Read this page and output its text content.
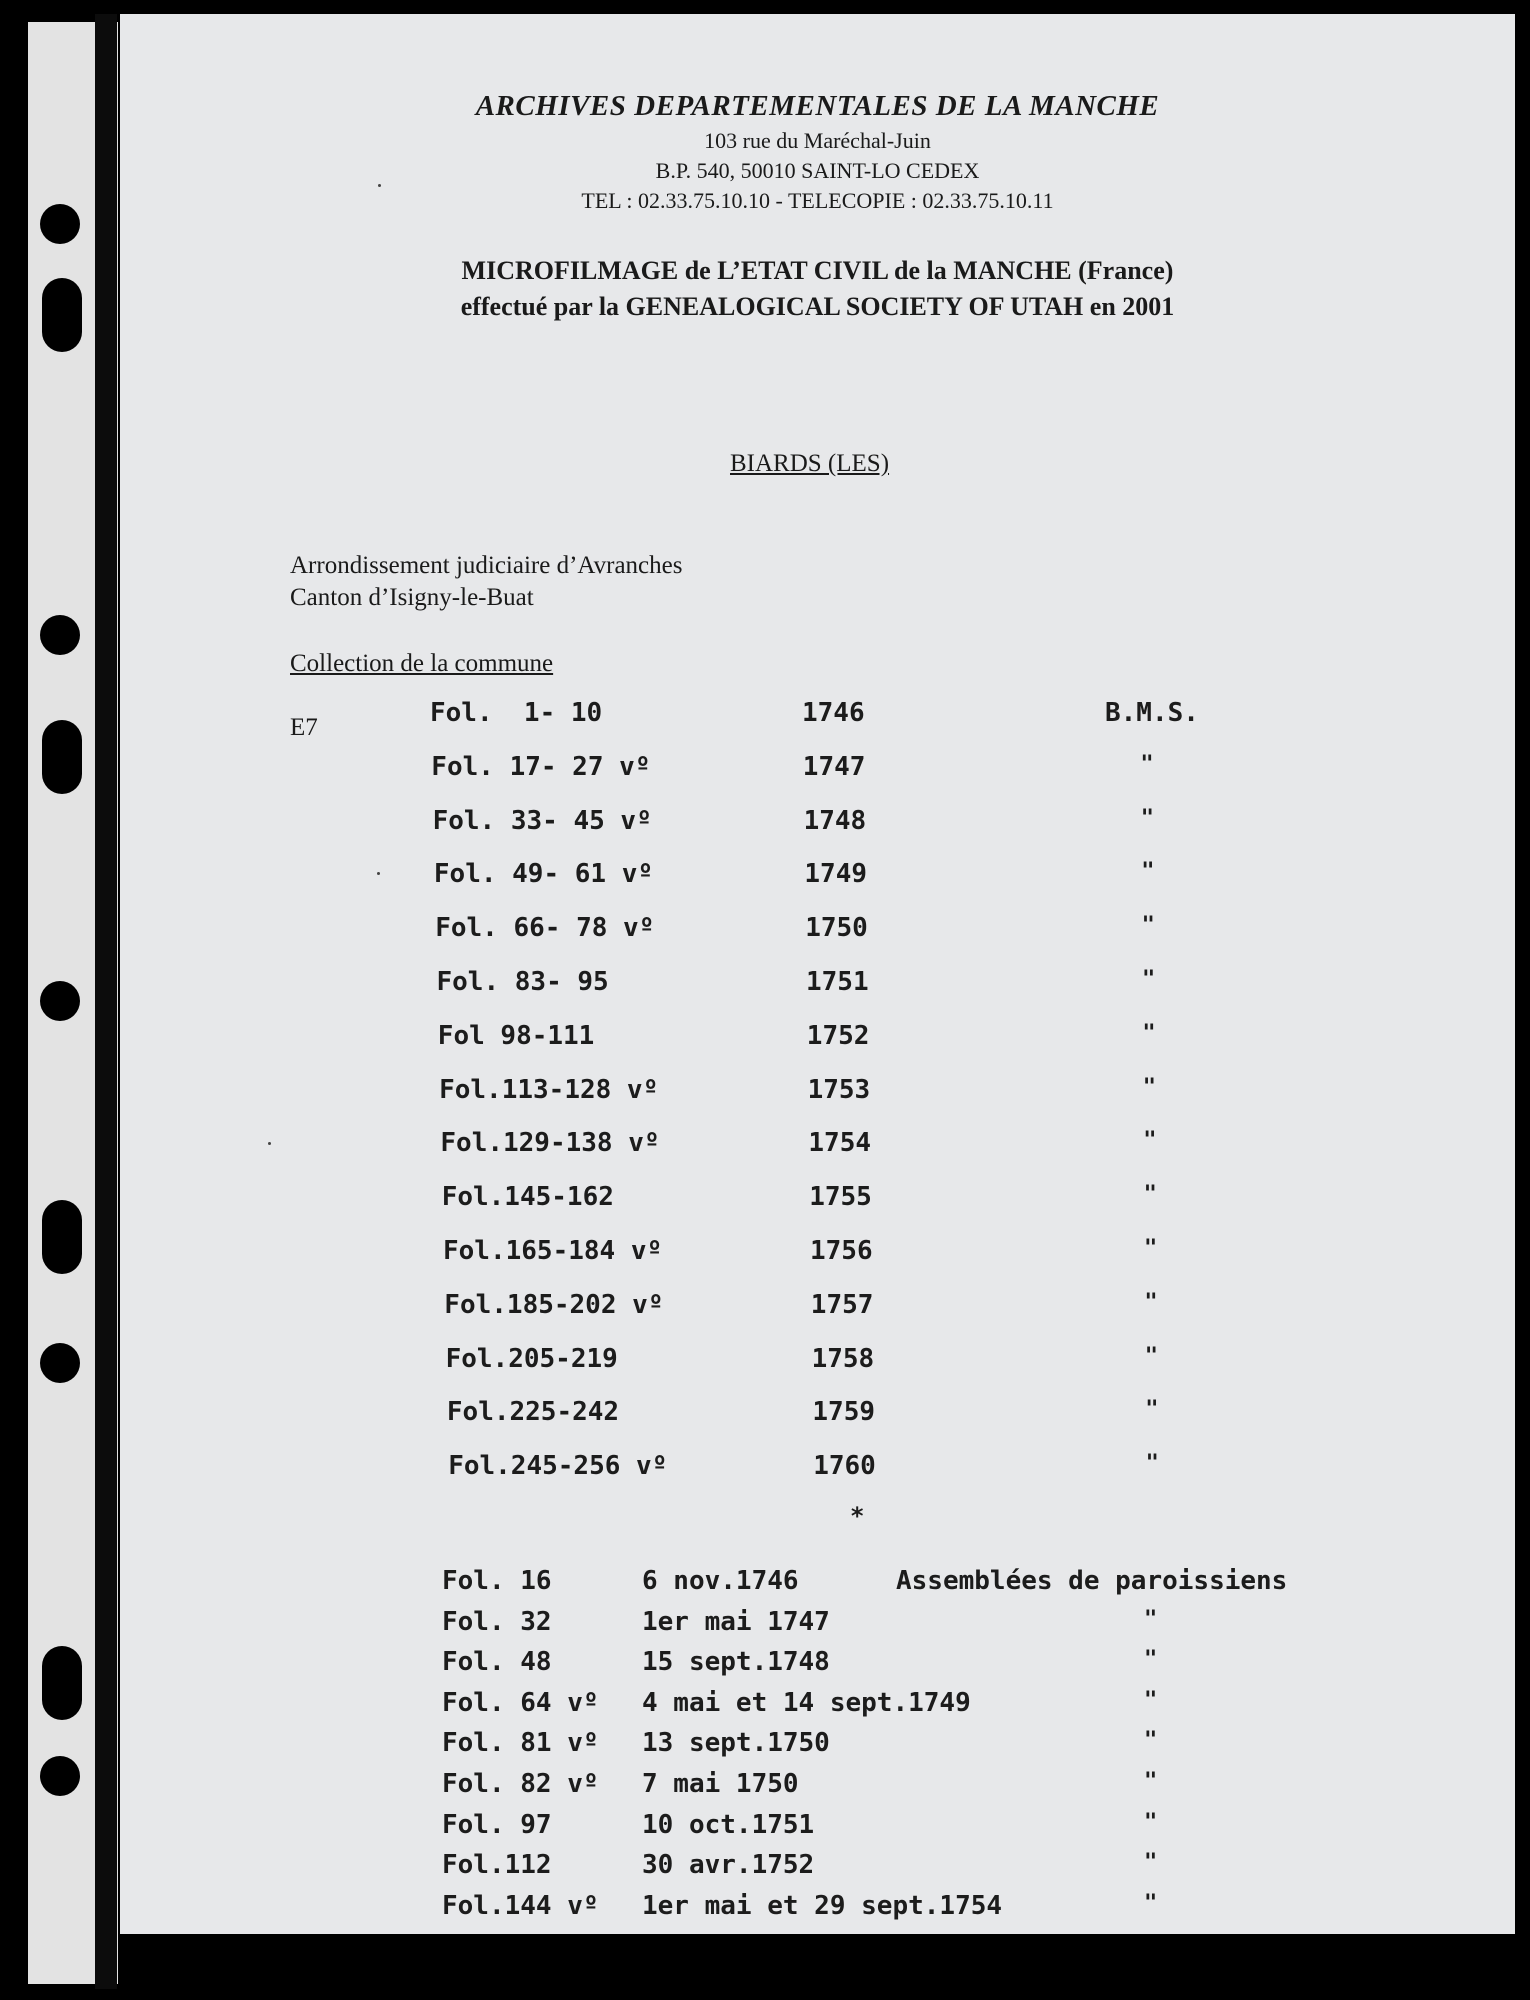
ARCHIVES DEPARTEMENTALES DE LA MANCHE
103 rue du Maréchal-Juin
B.P. 540, 50010 SAINT-LO CEDEX
TEL : 02.33.75.10.10 - TELECOPIE : 02.33.75.10.11
MICROFILMAGE de L’ETAT CIVIL de la MANCHE (France)
effectué par la GENEALOGICAL SOCIETY OF UTAH en 2001
BIARDS (LES)
Arrondissement judiciaire d’Avranches
Canton d’Isigny-le-Buat
Collection de la commune
E7	Fol.  1- 10	1746	B.M.S.
Fol. 17- 27 vº	1747	"
Fol. 33- 45 vº	1748	"
Fol. 49- 61 vº	1749	"
Fol. 66- 78 vº	1750	"
Fol. 83- 95	1751	"
Fol 98-111	1752	"
Fol.113-128 vº	1753	"
Fol.129-138 vº	1754	"
Fol.145-162	1755	"
Fol.165-184 vº	1756	"
Fol.185-202 vº	1757	"
Fol.205-219	1758	"
Fol.225-242	1759	"
Fol.245-256 vº	1760	"
*
Fol. 16	6 nov.1746	Assemblées de paroissiens
Fol. 32	1er mai 1747	"
Fol. 48	15 sept.1748	"
Fol. 64 vº 4 mai et 14 sept.1749	"
Fol. 81 vº 13 sept.1750	"
Fol. 82 vº 7 mai 1750	"
Fol. 97	10 oct.1751	"
Fol.112	30 avr.1752	"
Fol.144 vº 1er mai et 29 sept.1754	"
